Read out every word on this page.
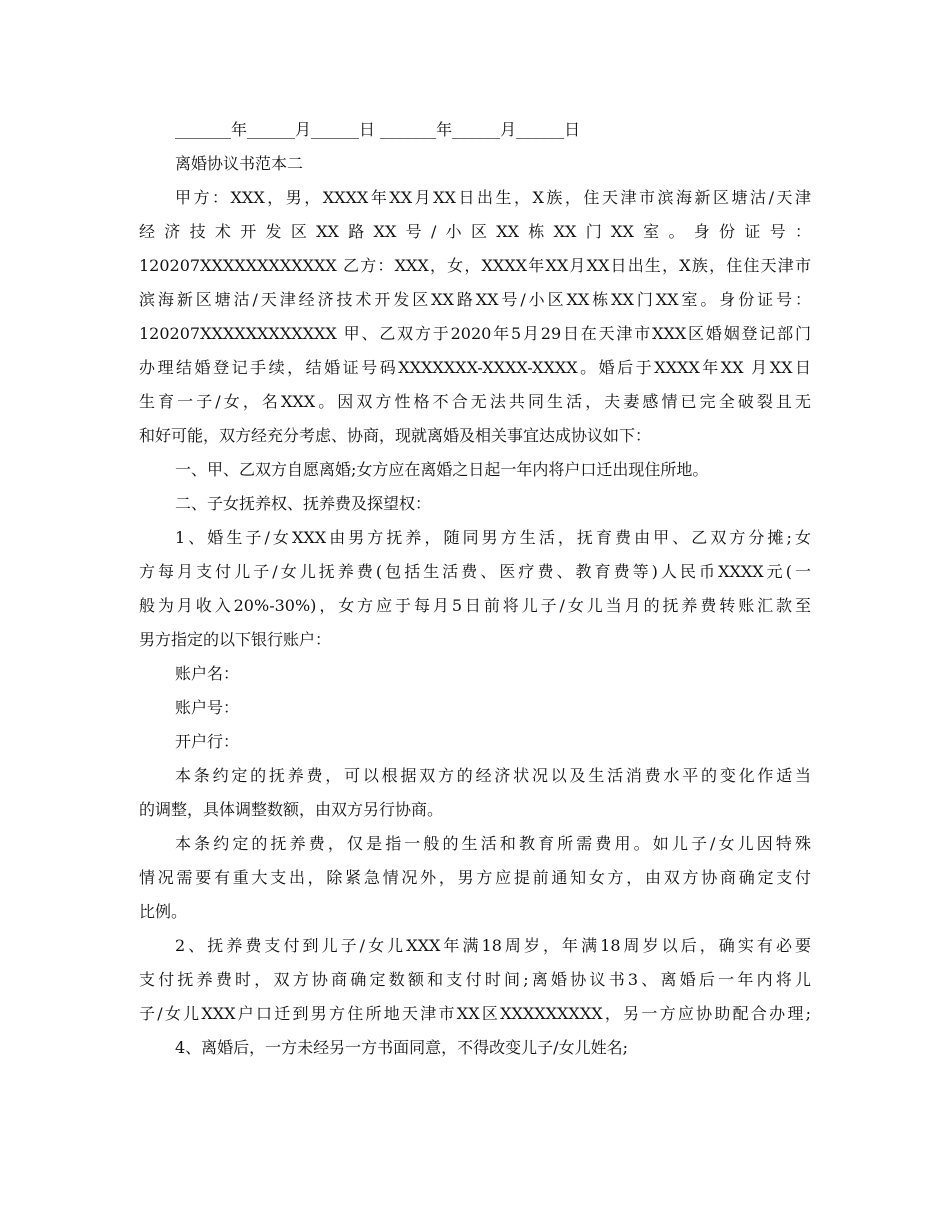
_______年______月______日 _______年______月______日
离婚协议书范本二
甲方：XXX，男，XXXX年XX月XX日出生，X族，住天津市滨海新区塘沽/天津
经济技术开发区XX路XX号/小区XX栋XX门XX室。身份证号：
120207XXXXXXXXXXXX 乙方：XXX，女，XXXX年XX月XX日出生，X族，住住天津市
滨海新区塘沽/天津经济技术开发区XX路XX号/小区XX栋XX门XX室。身份证号：
120207XXXXXXXXXXXX 甲、乙双方于2020年5月29日在天津市XXX区婚姻登记部门
办理结婚登记手续，结婚证号码XXXXXXX-XXXX-XXXX。婚后于XXXX年XX 月XX日
生育一子/女，名XXX。因双方性格不合无法共同生活，夫妻感情已完全破裂且无
和好可能，双方经充分考虑、协商，现就离婚及相关事宜达成协议如下：
一、甲、乙双方自愿离婚;女方应在离婚之日起一年内将户口迁出现住所地。
二、子女抚养权、抚养费及探望权：
1、婚生子/女XXX由男方抚养，随同男方生活，抚育费由甲、乙双方分摊;女
方每月支付儿子/女儿抚养费(包括生活费、医疗费、教育费等)人民币XXXX元(一
般为月收入20%-30%)，女方应于每月5日前将儿子/女儿当月的抚养费转账汇款至
男方指定的以下银行账户：
账户名：
账户号：
开户行：
本条约定的抚养费，可以根据双方的经济状况以及生活消费水平的变化作适当
的调整，具体调整数额，由双方另行协商。
本条约定的抚养费，仅是指一般的生活和教育所需费用。如儿子/女儿因特殊
情况需要有重大支出，除紧急情况外，男方应提前通知女方，由双方协商确定支付
比例。
2、抚养费支付到儿子/女儿XXX年满18周岁，年满18周岁以后，确实有必要
支付抚养费时，双方协商确定数额和支付时间;离婚协议书3、离婚后一年内将儿
子/女儿XXX户口迁到男方住所地天津市XX区XXXXXXXXX，另一方应协助配合办理;
4、离婚后，一方未经另一方书面同意，不得改变儿子/女儿姓名;
